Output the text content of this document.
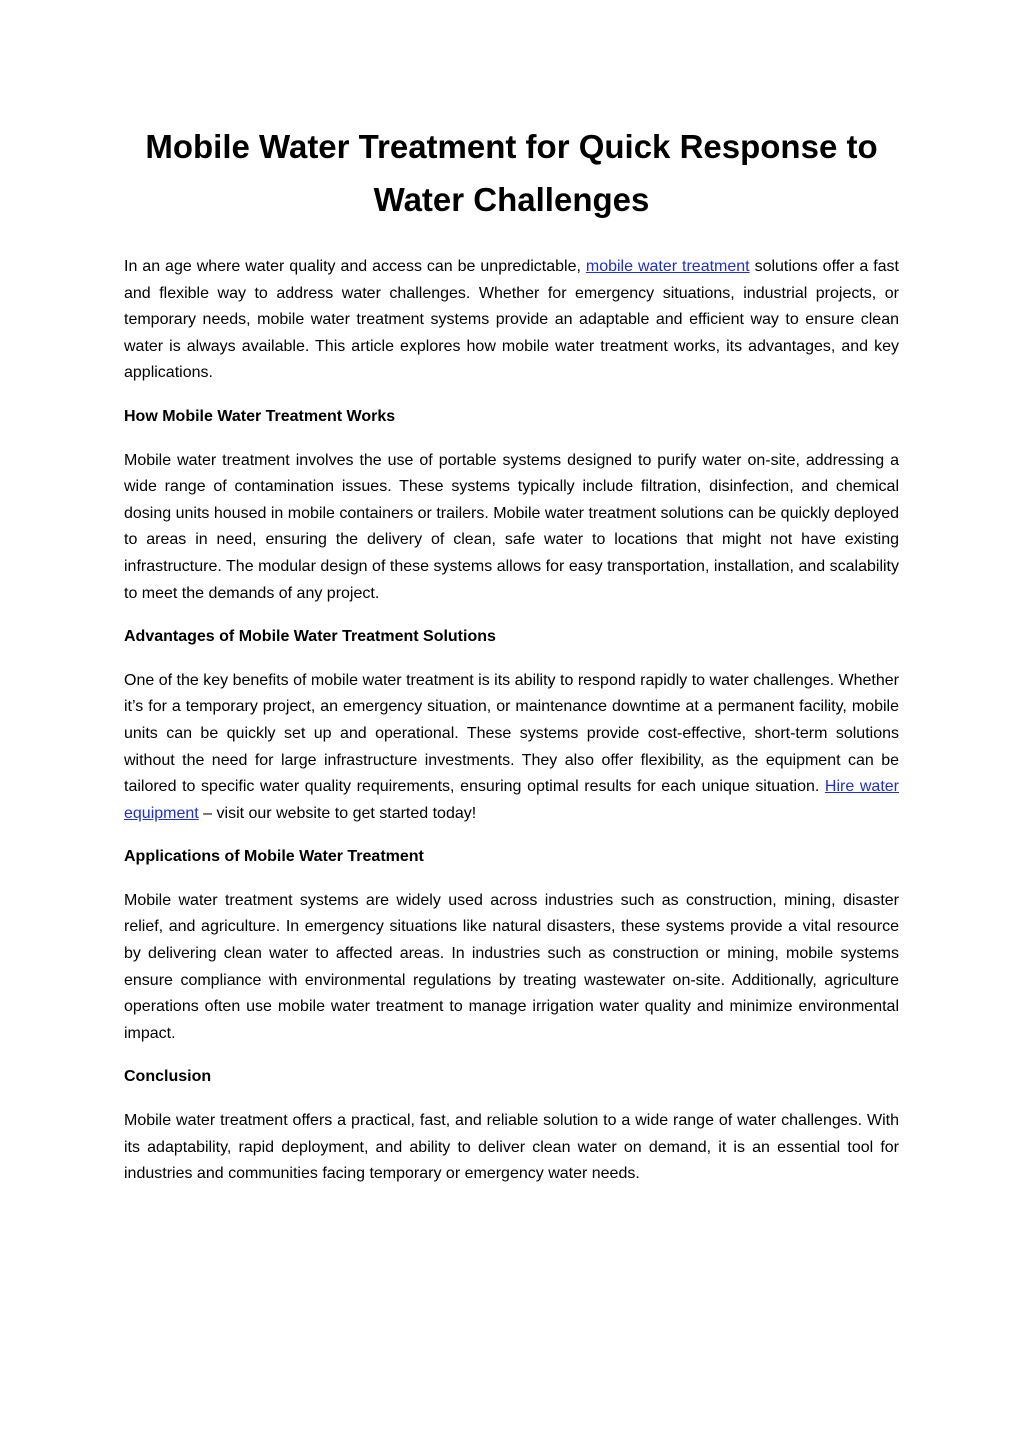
Mobile Water Treatment for Quick Response to
Water Challenges

In an age where water quality and access can be unpredictable, mobile water treatment solutions offer a fast and flexible way to address water challenges. Whether for emergency situations, industrial projects, or temporary needs, mobile water treatment systems provide an adaptable and efficient way to ensure clean water is always available. This article explores how mobile water treatment works, its advantages, and key applications.

How Mobile Water Treatment Works

Mobile water treatment involves the use of portable systems designed to purify water on-site, addressing a wide range of contamination issues. These systems typically include filtration, disinfection, and chemical dosing units housed in mobile containers or trailers. Mobile water treatment solutions can be quickly deployed to areas in need, ensuring the delivery of clean, safe water to locations that might not have existing infrastructure. The modular design of these systems allows for easy transportation, installation, and scalability to meet the demands of any project.

Advantages of Mobile Water Treatment Solutions

One of the key benefits of mobile water treatment is its ability to respond rapidly to water challenges. Whether it’s for a temporary project, an emergency situation, or maintenance downtime at a permanent facility, mobile units can be quickly set up and operational. These systems provide cost-effective, short-term solutions without the need for large infrastructure investments. They also offer flexibility, as the equipment can be tailored to specific water quality requirements, ensuring optimal results for each unique situation. Hire water equipment – visit our website to get started today!

Applications of Mobile Water Treatment

Mobile water treatment systems are widely used across industries such as construction, mining, disaster relief, and agriculture. In emergency situations like natural disasters, these systems provide a vital resource by delivering clean water to affected areas. In industries such as construction or mining, mobile systems ensure compliance with environmental regulations by treating wastewater on-site. Additionally, agriculture operations often use mobile water treatment to manage irrigation water quality and minimize environmental impact.

Conclusion

Mobile water treatment offers a practical, fast, and reliable solution to a wide range of water challenges. With its adaptability, rapid deployment, and ability to deliver clean water on demand, it is an essential tool for industries and communities facing temporary or emergency water needs.
